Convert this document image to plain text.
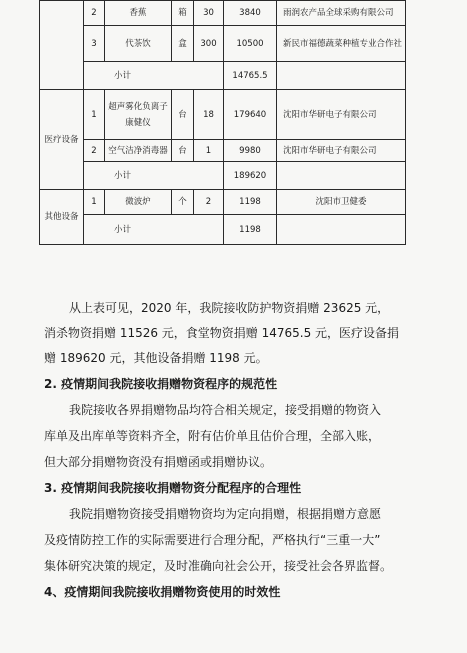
	2	香蕉	箱	30	3840	雨润农产品全球采购有限公司
	3	代茶饮	盒	300	10500	新民市福德蔬菜种植专业合作社
	小计				14765.5	
医疗设备	1	超声雾化负离子康健仪	台	18	179640	沈阳市华研电子有限公司
	2	空气洁净消毒器	台	1	9980	沈阳市华研电子有限公司
	小计				189620	
其他设备	1	微波炉	个	2	1198	沈阳市卫健委
	小计				1198	
从上表可见，2020 年，我院接收防护物资捐赠 23625 元，
消杀物资捐赠 11526 元，食堂物资捐赠 14765.5 元，医疗设备捐
赠 189620 元，其他设备捐赠 1198 元。
2. 疫情期间我院接收捐赠物资程序的规范性
我院接收各界捐赠物品均符合相关规定，接受捐赠的物资入
库单及出库单等资料齐全，附有估价单且估价合理，全部入账，
但大部分捐赠物资没有捐赠函或捐赠协议。
3. 疫情期间我院接收捐赠物资分配程序的合理性
我院捐赠物资接受捐赠物资均为定向捐赠，根据捐赠方意愿
及疫情防控工作的实际需要进行合理分配，严格执行“三重一大”
集体研究决策的规定，及时准确向社会公开，接受社会各界监督。
4、疫情期间我院接收捐赠物资使用的时效性
